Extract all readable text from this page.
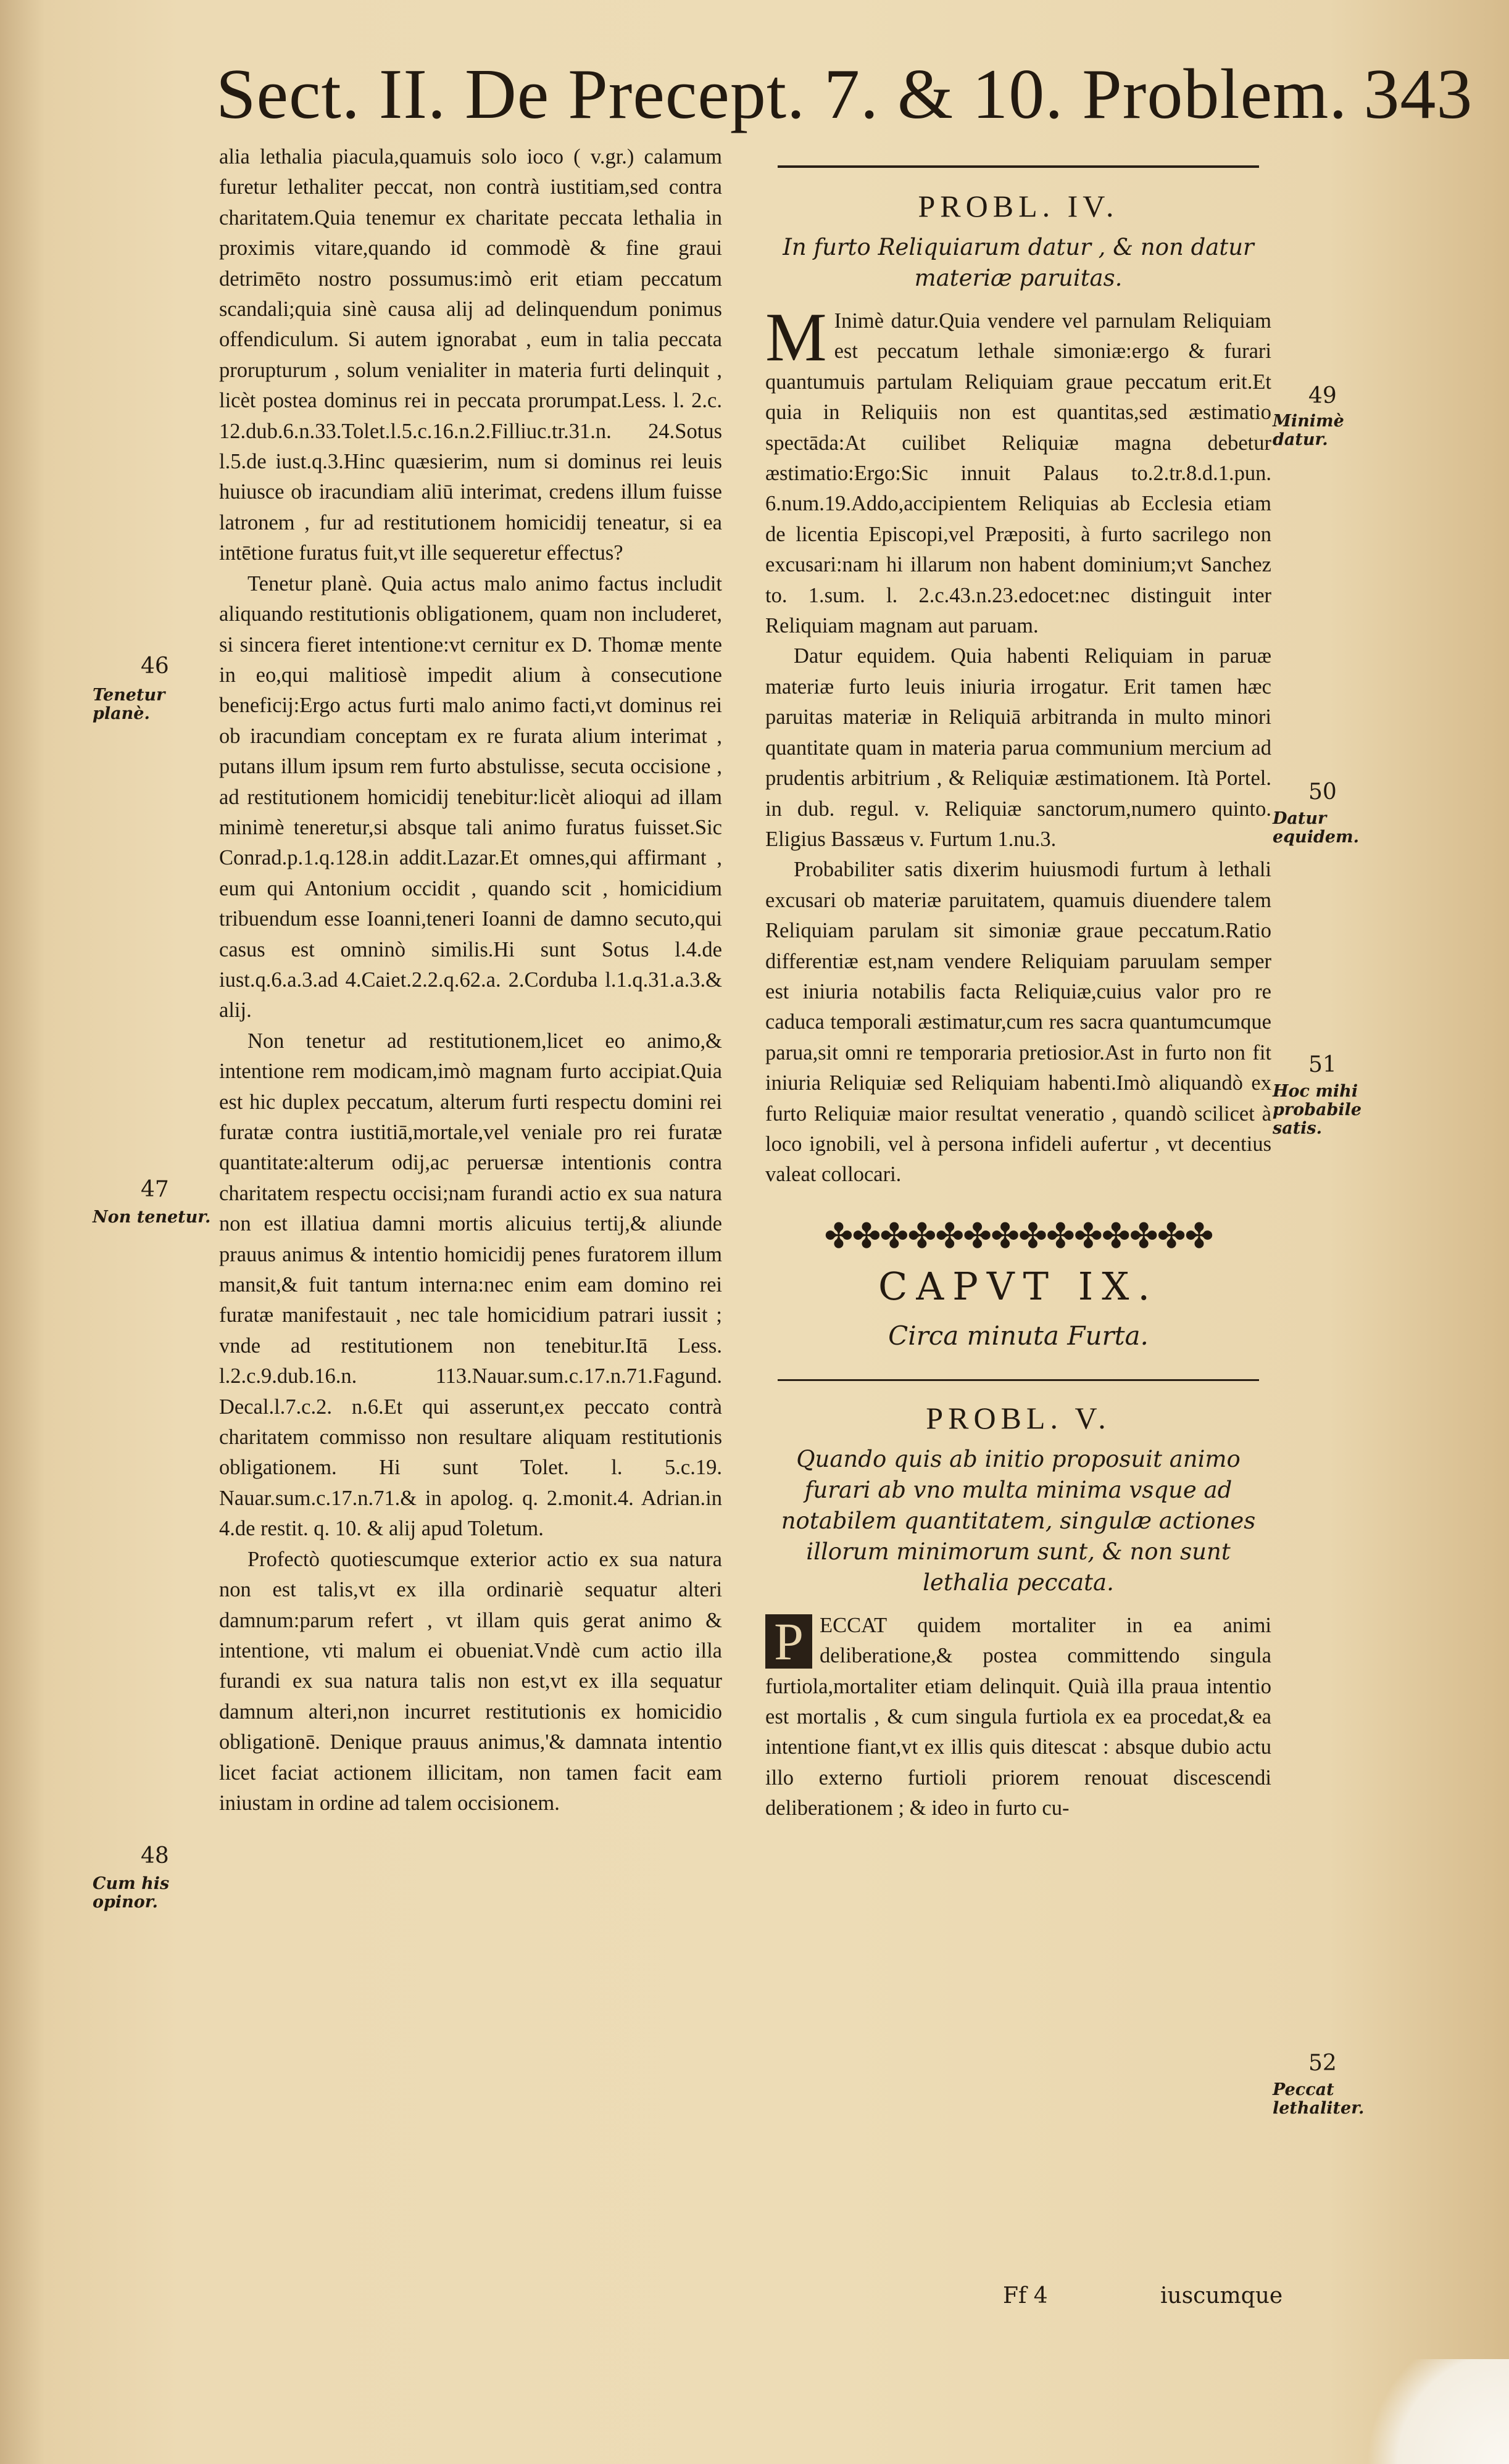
Sect. II. De Precept. 7. & 10. Problem. 343

alia lethalia piacula,quamuis solo ioco ( v.gr.) calamum furetur lethaliter peccat, non contrà iustitiam,sed contra charitatem.Quia tenemur ex charitate peccata lethalia in proximis vitare,quando id commodè & fine graui detrimēto nostro possumus:imò erit etiam peccatum scandali;quia sinè causa alij ad delinquendum ponimus offendiculum. Si autem ignorabat , eum in talia peccata prorupturum , solum venialiter in materia furti delinquit , licèt postea dominus rei in peccata prorumpat.Less. l. 2.c. 12.dub.6.n.33.Tolet.l.5.c.16.n.2.Filliuc.tr.31.n. 24.Sotus l.5.de iust.q.3.Hinc quæsierim, num si dominus rei leuis huiusce ob iracundiam aliū interimat, credens illum fuisse latronem , fur ad restitutionem homicidij teneatur, si ea intētione furatus fuit,vt ille sequeretur effectus?

Tenetur planè. Quia actus malo animo factus includit aliquando restitutionis obligationem, quam non includeret, si sincera fieret intentione:vt cernitur ex D. Thomæ mente in eo,qui malitiosè impedit alium à consecutione beneficij:Ergo actus furti malo animo facti,vt dominus rei ob iracundiam conceptam ex re furata alium interimat , putans illum ipsum rem furto abstulisse, secuta occisione , ad restitutionem homicidij tenebitur:licèt alioqui ad illam minimè teneretur,si absque tali animo furatus fuisset.Sic Conrad.p.1.q.128.in addit.Lazar.Et omnes,qui affirmant , eum qui Antonium occidit , quando scit , homicidium tribuendum esse Ioanni,teneri Ioanni de damno secuto,qui casus est omninò similis.Hi sunt Sotus l.4.de iust.q.6.a.3.ad 4.Caiet.2.2.q.62.a. 2.Corduba l.1.q.31.a.3.& alij.

Non tenetur ad restitutionem,licet eo animo,& intentione rem modicam,imò magnam furto accipiat.Quia est hic duplex peccatum, alterum furti respectu domini rei furatæ contra iustitiā,mortale,vel veniale pro rei furatæ quantitate:alterum odij,ac peruersæ intentionis contra charitatem respectu occisi;nam furandi actio ex sua natura non est illatiua damni mortis alicuius tertij,& aliunde prauus animus & intentio homicidij penes furatorem illum mansit,& fuit tantum interna:nec enim eam domino rei furatæ manifestauit , nec tale homicidium patrari iussit ; vnde ad restitutionem non tenebitur.Itā Less. l.2.c.9.dub.16.n. 113.Nauar.sum.c.17.n.71.Fagund. Decal.l.7.c.2. n.6.Et qui asserunt,ex peccato contrà charitatem commisso non resultare aliquam restitutionis obligationem. Hi sunt Tolet. l. 5.c.19. Nauar.sum.c.17.n.71.& in apolog. q. 2.monit.4. Adrian.in 4.de restit. q. 10. & alij apud Toletum.

Profectò quotiescumque exterior actio ex sua natura non est talis,vt ex illa ordinariè sequatur alteri damnum:parum refert , vt illam quis gerat animo & intentione, vti malum ei obueniat.Vndè cum actio illa furandi ex sua natura talis non est,vt ex illa sequatur damnum alteri,non incurret restitutionis ex homicidio obligationē. Denique prauus animus,'& damnata intentio licet faciat actionem illicitam, non tamen facit eam iniustam in ordine ad talem occisionem.

46
Tenetur planè.
47
Non tenetur.
48
Cum his opinor.
PROBL. IV.
In furto Reliquiarum datur , & non datur materiæ paruitas.

M Inimè datur.Quia vendere vel parnulam Reliquiam est peccatum lethale simoniæ:ergo & furari quantumuis partulam Reliquiam graue peccatum erit.Et quia in Reliquiis non est quantitas,sed æstimatio spectāda:At cuilibet Reliquiæ magna debetur æstimatio:Ergo:Sic innuit Palaus to.2.tr.8.d.1.pun. 6.num.19.Addo,accipientem Reliquias ab Ecclesia etiam de licentia Episcopi,vel Præpositi, à furto sacrilego non excusari:nam hi illarum non habent dominium;vt Sanchez to. 1.sum. l. 2.c.43.n.23.edocet:nec distinguit inter Reliquiam magnam aut paruam.

Datur equidem. Quia habenti Reliquiam in paruæ materiæ furto leuis iniuria irrogatur. Erit tamen hæc paruitas materiæ in Reliquiā arbitranda in multo minori quantitate quam in materia parua communium mercium ad prudentis arbitrium , & Reliquiæ æstimationem. Ità Portel. in dub. regul. v. Reliquiæ sanctorum,numero quinto. Eligius Bassæus v. Furtum 1.nu.3.

Probabiliter satis dixerim huiusmodi furtum à lethali excusari ob materiæ paruitatem, quamuis diuendere talem Reliquiam parulam sit simoniæ graue peccatum.Ratio differentiæ est,nam vendere Reliquiam paruulam semper est iniuria notabilis facta Reliquiæ,cuius valor pro re caduca temporali æstimatur,cum res sacra quantumcumque parua,sit omni re temporaria pretiosior.Ast in furto non fit iniuria Reliquiæ sed Reliquiam habenti.Imò aliquandò ex furto Reliquiæ maior resultat veneratio , quandò scilicet à loco ignobili, vel à persona infideli aufertur , vt decentius valeat collocari.

✤✤✤✤✤✤✤✤✤✤✤✤✤✤
CAPVT IX.
Circa minuta Furta.
PROBL. V.
Quando quis ab initio proposuit animo furari ab vno multa minima vsque ad notabilem quantitatem, singulæ actiones illorum minimorum sunt, & non sunt lethalia peccata.

P ECCAT quidem mortaliter in ea animi deliberatione,& postea committendo singula furtiola,mortaliter etiam delinquit. Quià illa praua intentio est mortalis , & cum singula furtiola ex ea procedat,& ea intentione fiant,vt ex illis quis ditescat : absque dubio actu illo externo furtioli priorem renouat discescendi deliberationem ; & ideo in furto cu-

49
Minimè datur.
50
Datur equidem.
51
Hoc mihi probabile satis.
52
Peccat lethaliter.
Ff 4	iuscumque
